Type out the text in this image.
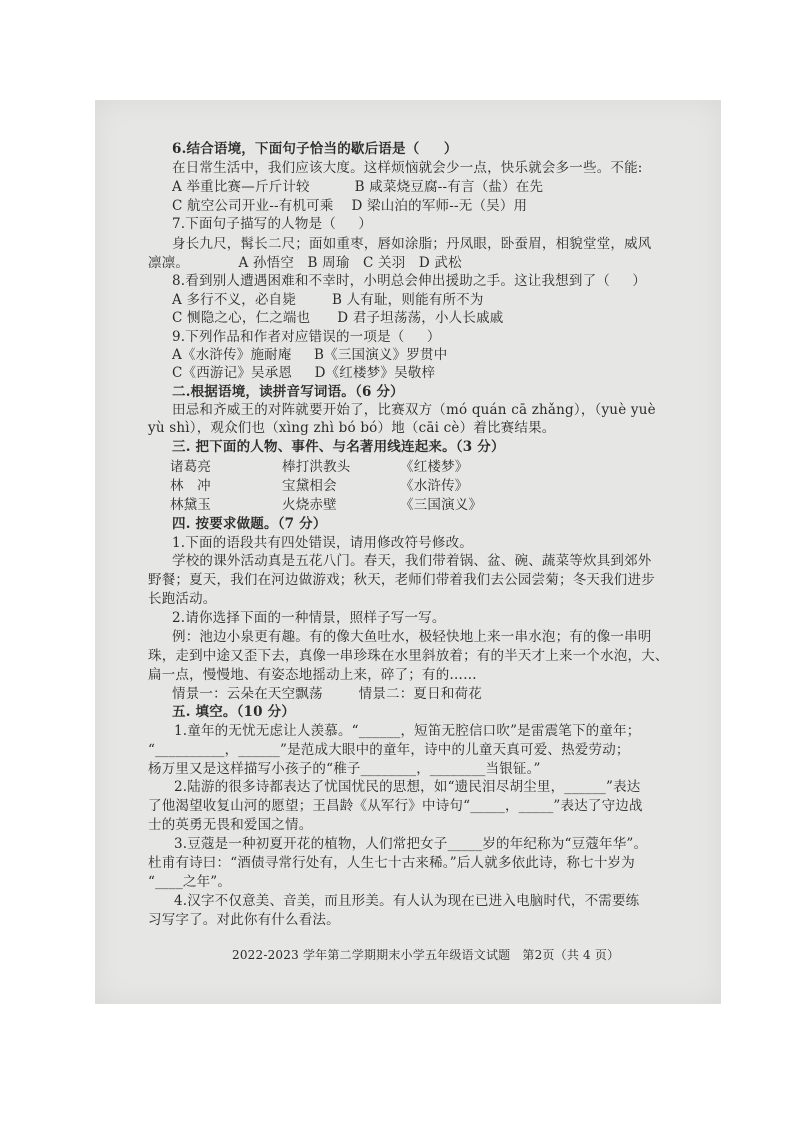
6.结合语境，下面句子恰当的歇后语是（     ）
在日常生活中，我们应该大度。这样烦恼就会少一点，快乐就会多一些。不能:
A 举重比赛—斤斤计较          B 咸菜烧豆腐--有言（盐）在先
C 航空公司开业--有机可乘    D 梁山泊的军师--无（吴）用
7.下面句子描写的人物是（     ）
身长九尺，髯长二尺；面如重枣，唇如涂脂；丹凤眼，卧蚕眉，相貌堂堂，威风
凛凛。           A 孙悟空   B 周瑜   C 关羽   D 武松
8.看到别人遭遇困难和不幸时，小明总会伸出援助之手。这让我想到了（     ）
A 多行不义，必自毙        B 人有耻，则能有所不为
C 恻隐之心，仁之端也      D 君子坦荡荡，小人长戚戚
9.下列作品和作者对应错误的一项是（     ）
A《水浒传》施耐庵     B《三国演义》罗贯中
C《西游记》吴承恩     D《红楼梦》吴敬梓
二.根据语境，读拼音写词语。（6 分）
田忌和齐威王的对阵就要开始了，比赛双方（mó quán cā zhǎng），（yuè yuè
yù shì），观众们也（xìng zhì bó bó）地（cāi cè）着比赛结果。
三. 把下面的人物、事件、与名著用线连起来。（3 分）
诸葛亮	棒打洪教头	《红楼梦》
林   冲	宝黛相会	《水浒传》
林黛玉	火烧赤壁	《三国演义》
四. 按要求做题。（7 分）
1.下面的语段共有四处错误，请用修改符号修改。
学校的课外活动真是五花八门。春天，我们带着锅、盆、碗、蔬菜等炊具到郊外
野餐；夏天，我们在河边做游戏；秋天，老师们带着我们去公园尝菊；冬天我们进步
长跑活动。
2.请你选择下面的一种情景，照样子写一写。
例：池边小泉更有趣。有的像大鱼吐水，极轻快地上来一串水泡；有的像一串明
珠，走到中途又歪下去，真像一串珍珠在水里斜放着；有的半天才上来一个水泡，大、
扁一点，慢慢地、有姿态地摇动上来，碎了；有的……
情景一：云朵在天空飘荡        情景二：夏日和荷花
五. 填空。（10 分）
1.童年的无忧无虑让人羡慕。“______，短笛无腔信口吹”是雷震笔下的童年；
“__________，______”是范成大眼中的童年，诗中的儿童天真可爱、热爱劳动；
杨万里又是这样描写小孩子的“稚子________，________当银钲。”
2.陆游的很多诗都表达了忧国忧民的思想，如“遗民泪尽胡尘里，______”表达
了他渴望收复山河的愿望；王昌龄《从军行》中诗句“_____，_____”表达了守边战
士的英勇无畏和爱国之情。
3.豆蔻是一种初夏开花的植物，人们常把女子_____岁的年纪称为“豆蔻年华”。
杜甫有诗曰：“酒债寻常行处有，人生七十古来稀。”后人就多依此诗，称七十岁为
“____之年”。
4.汉字不仅意美、音美，而且形美。有人认为现在已进入电脑时代，不需要练
习写字了。对此你有什么看法。
2022-2023 学年第二学期期末小学五年级语文试题   第2页（共 4 页）
